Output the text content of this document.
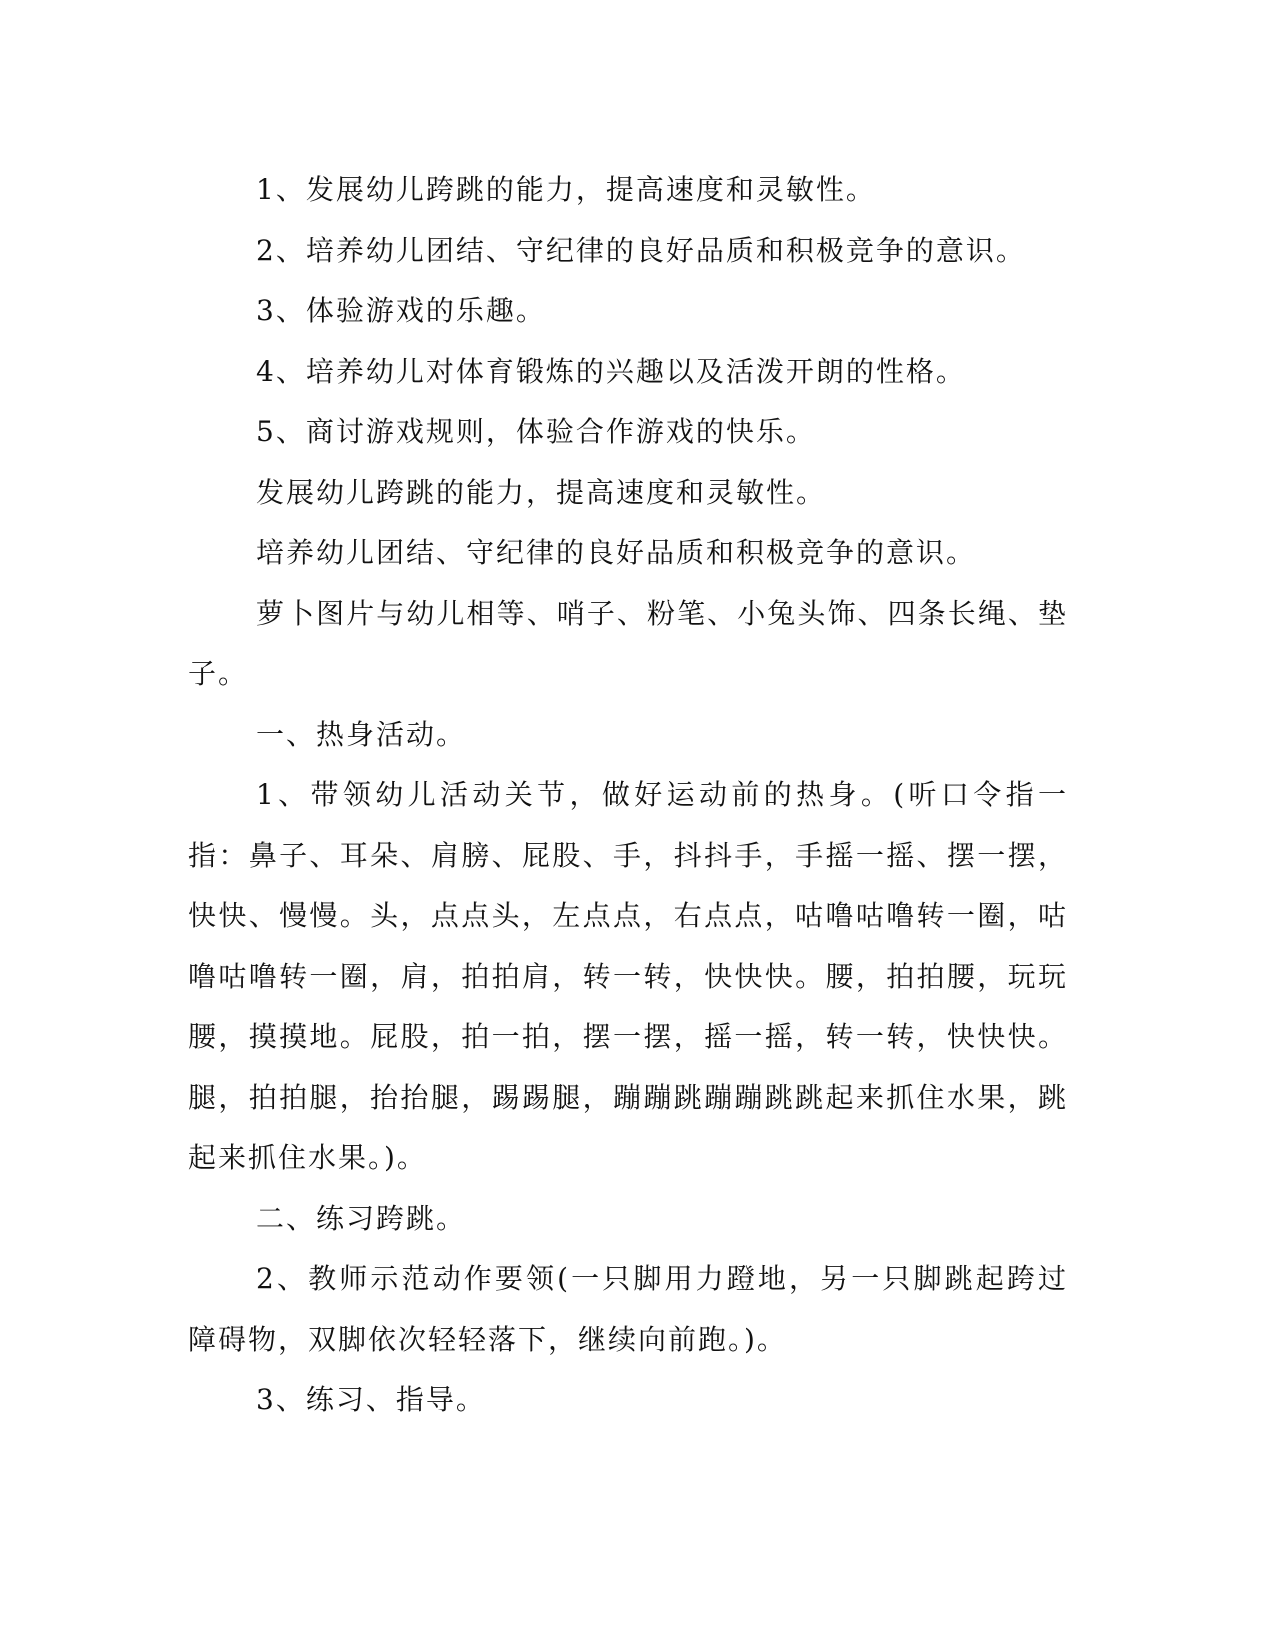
1、发展幼儿跨跳的能力，提高速度和灵敏性。

2、培养幼儿团结、守纪律的良好品质和积极竞争的意识。

3、体验游戏的乐趣。

4、培养幼儿对体育锻炼的兴趣以及活泼开朗的性格。

5、商讨游戏规则，体验合作游戏的快乐。

发展幼儿跨跳的能力，提高速度和灵敏性。

培养幼儿团结、守纪律的良好品质和积极竞争的意识。

萝卜图片与幼儿相等、哨子、粉笔、小兔头饰、四条长绳、垫子。

一、热身活动。

1、带领幼儿活动关节，做好运动前的热身。(听口令指一指：鼻子、耳朵、肩膀、屁股、手，抖抖手，手摇一摇、摆一摆，快快、慢慢。头，点点头，左点点，右点点，咕噜咕噜转一圈，咕噜咕噜转一圈，肩，拍拍肩，转一转，快快快。腰，拍拍腰，玩玩腰，摸摸地。屁股，拍一拍，摆一摆，摇一摇，转一转，快快快。腿，拍拍腿，抬抬腿，踢踢腿，蹦蹦跳蹦蹦跳跳起来抓住水果，跳起来抓住水果。)。

二、练习跨跳。

2、教师示范动作要领(一只脚用力蹬地，另一只脚跳起跨过障碍物，双脚依次轻轻落下，继续向前跑。)。

3、练习、指导。
